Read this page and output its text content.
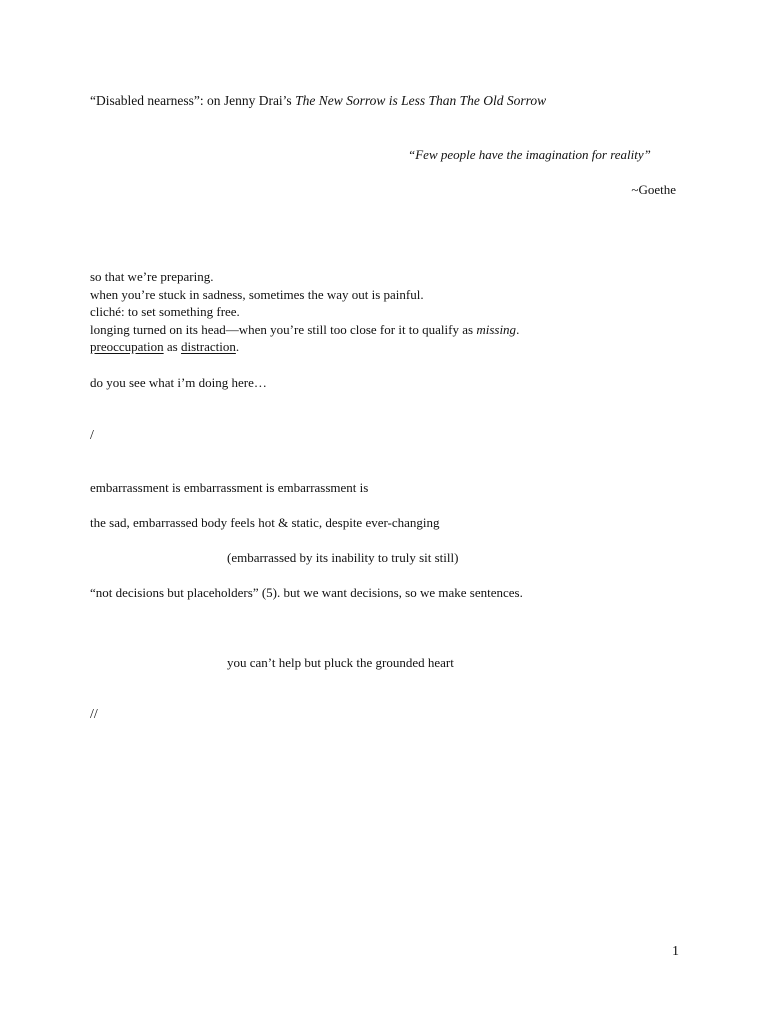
“Disabled nearness”: on Jenny Drai’s The New Sorrow is Less Than The Old Sorrow
“Few people have the imagination for reality”
~Goethe
so that we’re preparing.
when you’re stuck in sadness, sometimes the way out is painful.
cliché: to set something free.
longing turned on its head—when you’re still too close for it to qualify as missing.
preoccupation as distraction.
do you see what i’m doing here…
/
embarrassment is embarrassment is embarrassment is
the sad, embarrassed body feels hot & static, despite ever-changing
(embarrassed by its inability to truly sit still)
“not decisions but placeholders” (5). but we want decisions, so we make sentences.
you can’t help but pluck the grounded heart
//
1
